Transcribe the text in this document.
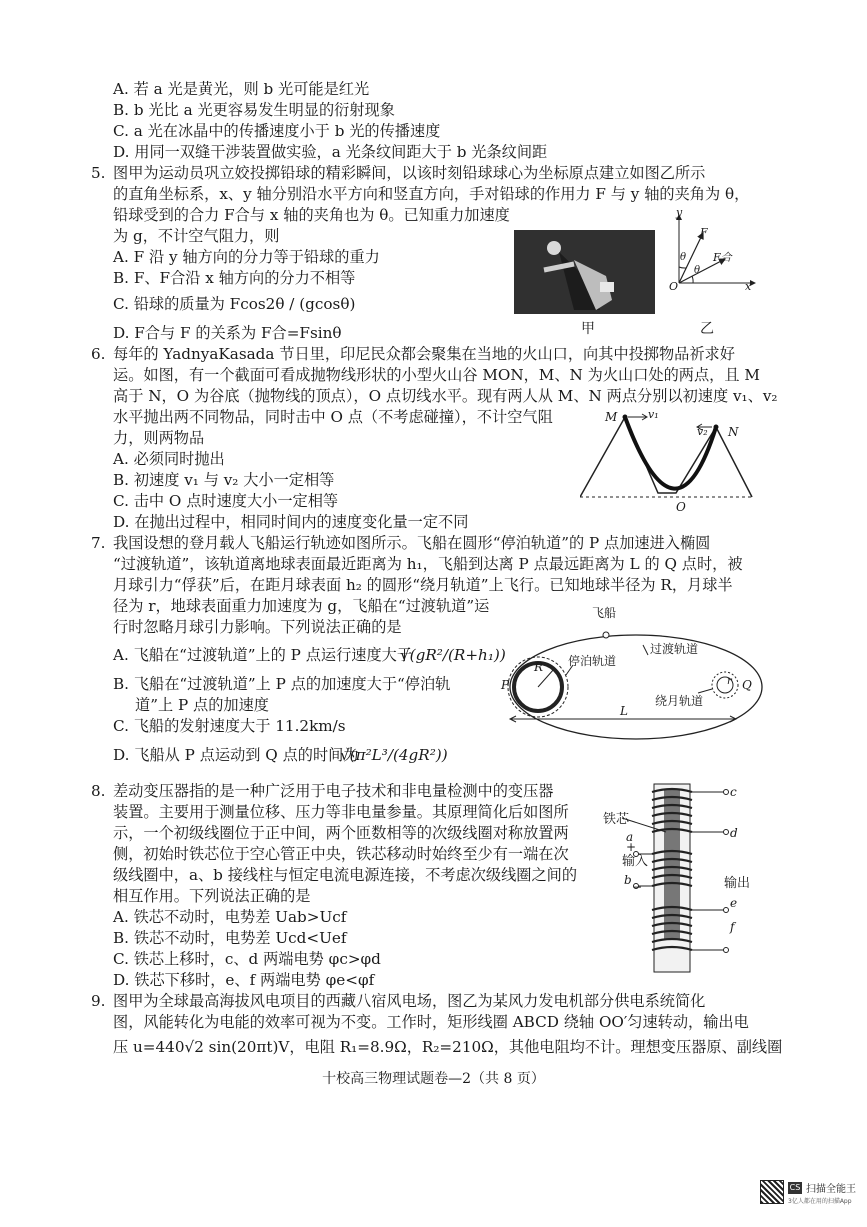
A. 若 a 光是黄光，则 b 光可能是红光
B. b 光比 a 光更容易发生明显的衍射现象
C. a 光在冰晶中的传播速度小于 b 光的传播速度
D. 用同一双缝干涉装置做实验，a 光条纹间距大于 b 光条纹间距
5. 图甲为运动员巩立姣投掷铅球的精彩瞬间，以该时刻铅球球心为坐标原点建立如图乙所示
的直角坐标系，x、y 轴分别沿水平方向和竖直方向，手对铅球的作用力 F 与 y 轴的夹角为 θ，
铅球受到的合力 F合与 x 轴的夹角也为 θ。已知重力加速度
为 g，不计空气阻力，则
A. F 沿 y 轴方向的分力等于铅球的重力
B. F、F合沿 x 轴方向的分力不相等
C. 铅球的质量为 Fcos2θ / (gcosθ)
D. F合与 F 的关系为 F合=Fsinθ	甲
y
x
O
F
F合
θ
θ
乙
6. 每年的 YadnyaKasada 节日里，印尼民众都会聚集在当地的火山口，向其中投掷物品祈求好
运。如图，有一个截面可看成抛物线形状的小型火山谷 MON，M、N 为火山口处的两点，且 M
高于 N，O 为谷底（抛物线的顶点），O 点切线水平。现有两人从 M、N 两点分别以初速度 v₁、v₂
水平抛出两不同物品，同时击中 O 点（不考虑碰撞），不计空气阻
力，则两物品
A. 必须同时抛出
B. 初速度 v₁ 与 v₂ 大小一定相等
C. 击中 O 点时速度大小一定相等
D. 在抛出过程中，相同时间内的速度变化量一定不同
M
N
O
v₁
v₂
7. 我国设想的登月载人飞船运行轨迹如图所示。飞船在圆形“停泊轨道”的 P 点加速进入椭圆
“过渡轨道”，该轨道离地球表面最近距离为 h₁，飞船到达离 P 点最远距离为 L 的 Q 点时，被
月球引力“俘获”后，在距月球表面 h₂ 的圆形“绕月轨道”上飞行。已知地球半径为 R，月球半
径为 r，地球表面重力加速度为 g，飞船在“过渡轨道”运
行时忽略月球引力影响。下列说法正确的是
A. 飞船在“过渡轨道”上的 P 点运行速度大于
√(gR²/(R+h₁))
B. 飞船在“过渡轨道”上 P 点的加速度大于“停泊轨
道”上 P 点的加速度
C. 飞船的发射速度大于 11.2km/s
D. 飞船从 P 点运动到 Q 点的时间为
√(π²L³/(4gR²))
飞船
过渡轨道
停泊轨道
绕月轨道
P	Q
R
r
L
8. 差动变压器指的是一种广泛用于电子技术和非电量检测中的变压器
装置。主要用于测量位移、压力等非电量参量。其原理简化后如图所
示，一个初级线圈位于正中间，两个匝数相等的次级线圈对称放置两
侧，初始时铁芯位于空心管正中央，铁芯移动时始终至少有一端在次
级线圈中，a、b 接线柱与恒定电流电源连接，不考虑次级线圈之间的
相互作用。下列说法正确的是
A. 铁芯不动时，电势差 Uab>Ucf
B. 铁芯不动时，电势差 Ucd<Uef
C. 铁芯上移时，c、d 两端电势 φc>φd
D. 铁芯下移时，e、f 两端电势 φe<φf
铁芯
a
+
输入
b −
c
d
输出
e
f
9. 图甲为全球最高海拔风电项目的西藏八宿风电场，图乙为某风力发电机部分供电系统简化
图，风能转化为电能的效率可视为不变。工作时，矩形线圈 ABCD 绕轴 OO′匀速转动，输出电
压 u=440√2 sin(20πt)V，电阻 R₁=8.9Ω，R₂=210Ω，其他电阻均不计。理想变压器原、副线圈
十校高三物理试题卷—2（共 8 页）
CS 扫描全能王
3亿人都在用的扫描App
